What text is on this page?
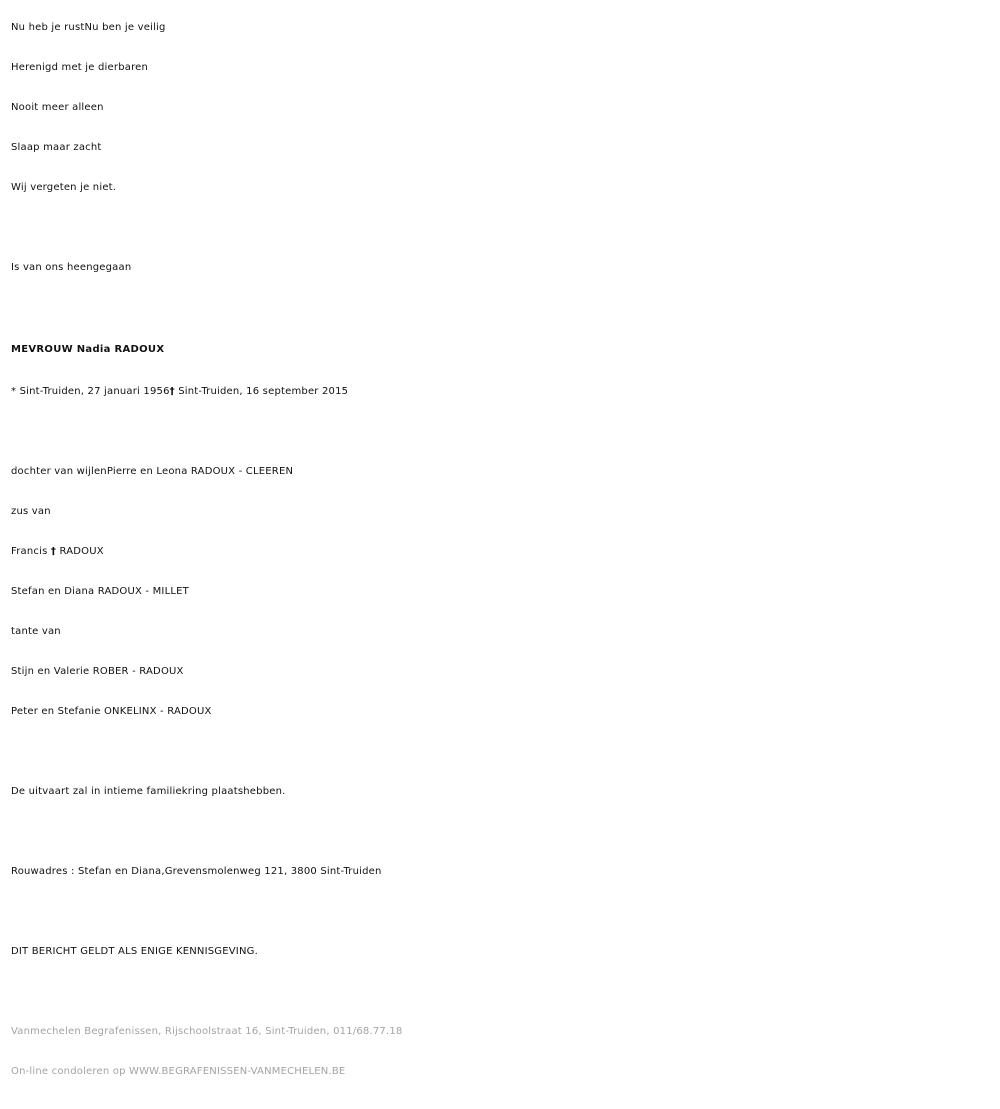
Nu heb je rustNu ben je veilig
Herenigd met je dierbaren
Nooit meer alleen
Slaap maar zacht
Wij vergeten je niet.
Is van ons heengegaan
MEVROUW Nadia RADOUX
* Sint-Truiden, 27 januari 1956† Sint-Truiden, 16 september 2015
dochter van wijlenPierre en Leona RADOUX - CLEEREN
zus van
Francis † RADOUX
Stefan en Diana RADOUX - MILLET
tante van
Stijn en Valerie ROBER - RADOUX
Peter en Stefanie ONKELINX - RADOUX
De uitvaart zal in intieme familiekring plaatshebben.
Rouwadres : Stefan en Diana,Grevensmolenweg 121, 3800 Sint-Truiden
DIT BERICHT GELDT ALS ENIGE KENNISGEVING.
Vanmechelen Begrafenissen, Rijschoolstraat 16, Sint-Truiden, 011/68.77.18
On-line condoleren op WWW.BEGRAFENISSEN-VANMECHELEN.BE
